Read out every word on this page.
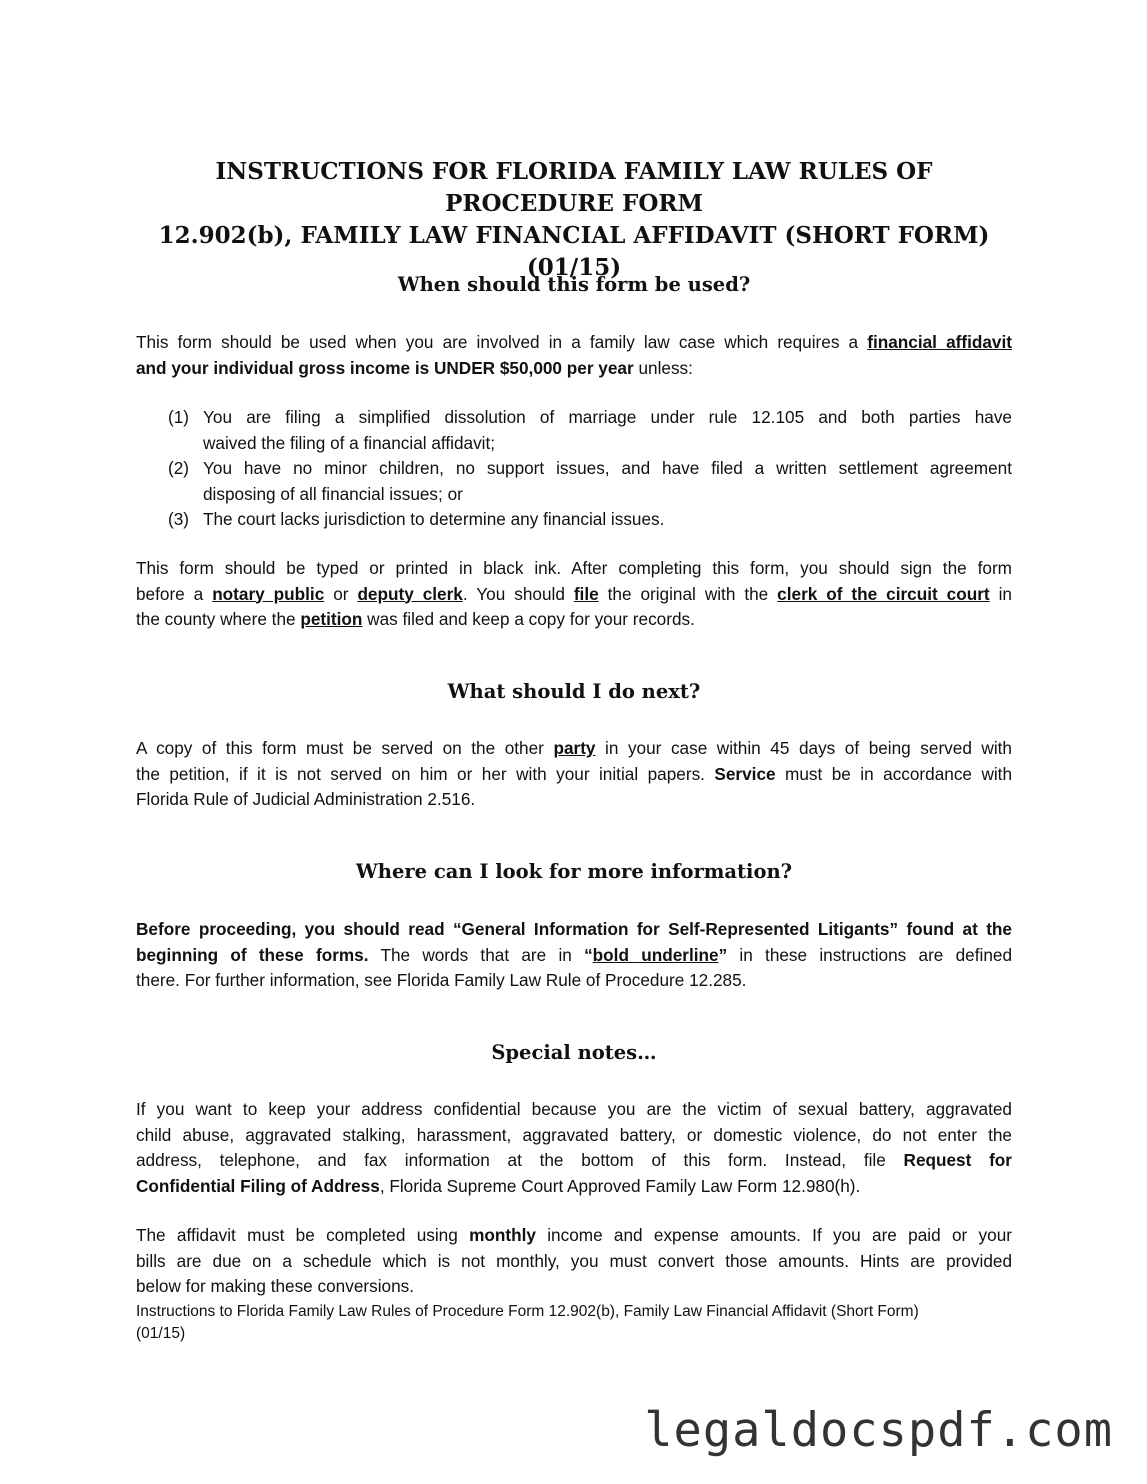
INSTRUCTIONS FOR FLORIDA FAMILY LAW RULES OF PROCEDURE FORM
12.902(b), FAMILY LAW FINANCIAL AFFIDAVIT (SHORT FORM) (01/15)
When should this form be used?

This form should be used when you are involved in a family law case which requires a financial affidavit
and your individual gross income is UNDER $50,000 per year unless:

(1) You are filing a simplified dissolution of marriage under rule 12.105 and both parties have
waived the filing of a financial affidavit;
(2) You have no minor children, no support issues, and have filed a written settlement agreement
disposing of all financial issues; or
(3) The court lacks jurisdiction to determine any financial issues.

This form should be typed or printed in black ink. After completing this form, you should sign the form
before a notary public or deputy clerk. You should file the original with the clerk of the circuit court in
the county where the petition was filed and keep a copy for your records.

What should I do next?

A copy of this form must be served on the other party in your case within 45 days of being served with
the petition, if it is not served on him or her with your initial papers. Service must be in accordance with
Florida Rule of Judicial Administration 2.516.

Where can I look for more information?

Before proceeding, you should read “General Information for Self-Represented Litigants” found at the
beginning of these forms. The words that are in “bold underline” in these instructions are defined
there. For further information, see Florida Family Law Rule of Procedure 12.285.

Special notes…

If you want to keep your address confidential because you are the victim of sexual battery, aggravated
child abuse, aggravated stalking, harassment, aggravated battery, or domestic violence, do not enter the
address, telephone, and fax information at the bottom of this form. Instead, file Request for
Confidential Filing of Address, Florida Supreme Court Approved Family Law Form 12.980(h).

The affidavit must be completed using monthly income and expense amounts. If you are paid or your
bills are due on a schedule which is not monthly, you must convert those amounts. Hints are provided
below for making these conversions.

Instructions to Florida Family Law Rules of Procedure Form 12.902(b), Family Law Financial Affidavit (Short Form)
(01/15)

legaldocspdf.com
